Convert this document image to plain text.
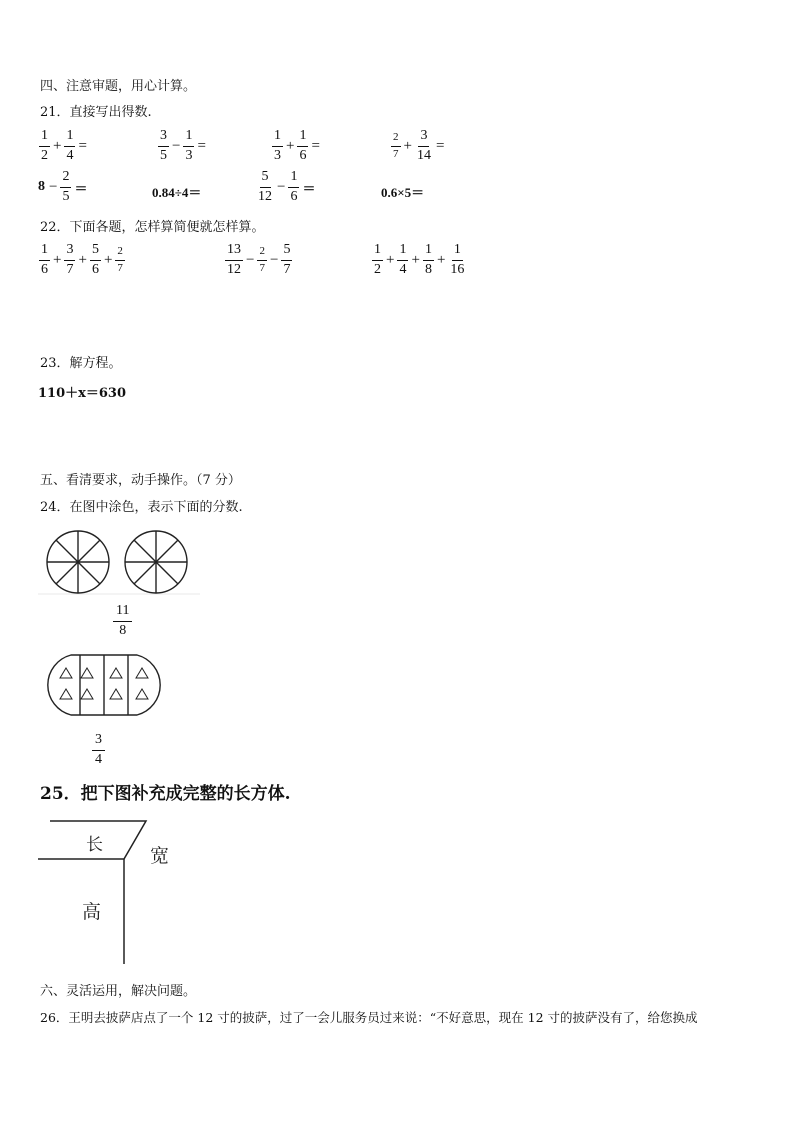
四、注意审题，用心计算。
21．直接写出得数.
$\frac{1}{2} + \frac{1}{4}$ =	$\frac{3}{5} - \frac{1}{3}$ =	$\frac{1}{3} + \frac{1}{6}$ =	$\frac{2}{7} + \frac{3}{14}$ =
$8 - \frac{2}{5}$ ＝	0.84÷4＝	$\frac{5}{12} - \frac{1}{6}$ ＝	0.6×5＝
22．下面各题，怎样算简便就怎样算。
$\frac{1}{6} + \frac{3}{7} + \frac{5}{6} + \frac{2}{7}$	$\frac{13}{12} - \frac{2}{7} - \frac{5}{7}$	$\frac{1}{2} + \frac{1}{4} + \frac{1}{8} + \frac{1}{16}$
23．解方程。
110＋x＝630
五、看清要求，动手操作。（7 分）
24．在图中涂色，表示下面的分数.
11
8
3
4
25．把下图补充成完整的长方体.
长 宽
高
六、灵活运用，解决问题。
26．王明去披萨店点了一个 12 寸的披萨，过了一会儿服务员过来说：“不好意思，现在 12 寸的披萨没有了，给您换成
